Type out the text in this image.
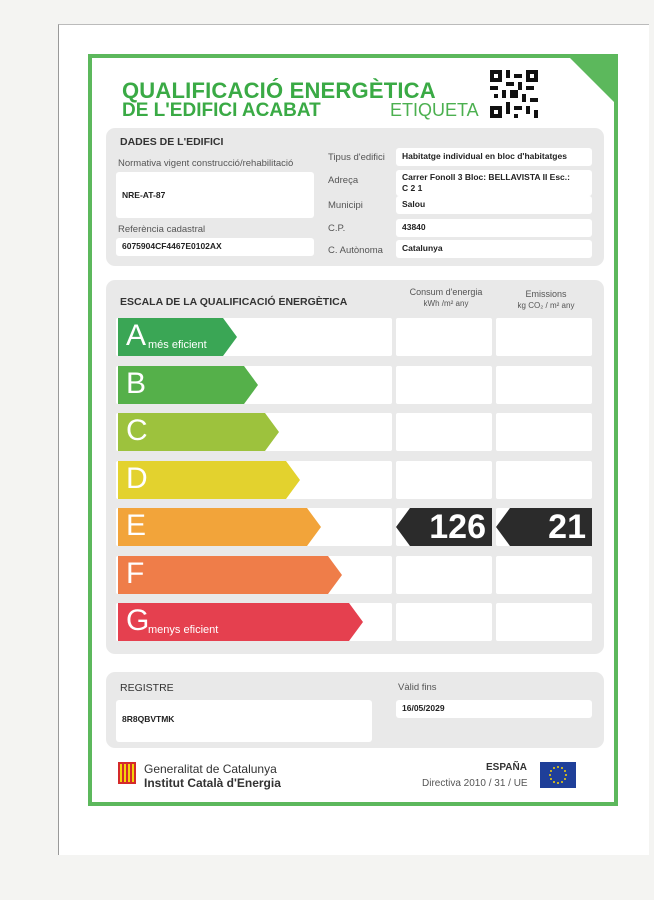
QUALIFICACIÓ ENERGÈTICA
DE L'EDIFICI ACABAT	ETIQUETA
DADES DE L'EDIFICI
Normativa vigent construcció/rehabilitació
NRE-AT-87
Referència cadastral
6075904CF4467E0102AX
Tipus d'edifici	Habitatge individual en bloc d'habitatges
Adreça	Carrer Fonoll 3 Bloc: BELLAVISTA II Esc.:
C 2 1
Municipi	Salou
C.P.	43840
C. Autònoma	Catalunya
ESCALA DE LA QUALIFICACIÓ ENERGÈTICA
Consum d'energia
kWh /m² any
Emissions
kg CO₂ / m² any
A més eficient
B
C
D
E	126 21
F
G
menys eficient
REGISTRE
8R8QBVTMK
Vàlid fins
16/05/2029
Generalitat de Catalunya
Institut Català d'Energia
ESPAÑA
Directiva 2010 / 31 / UE
